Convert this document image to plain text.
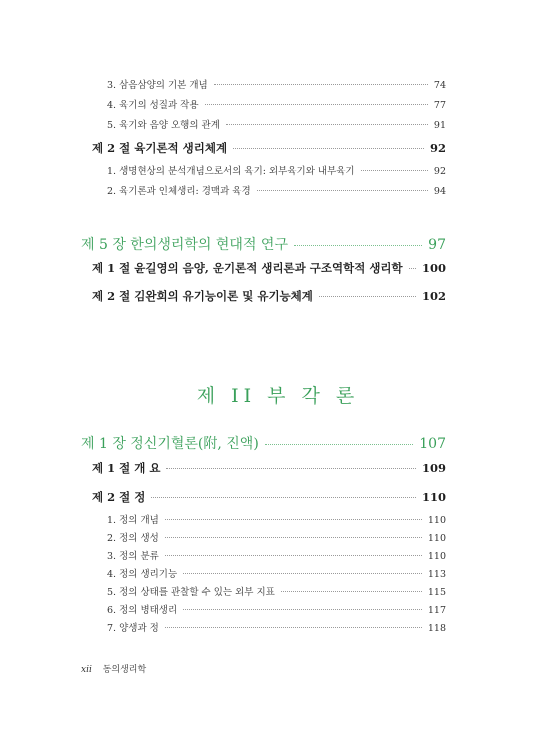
3. 삼음삼양의 기본 개념	74
4. 육기의 성질과 작용	77
5. 육기와 음양 오행의 관계	91
제 2 절 육기론적 생리체계	92
1. 생명현상의 분석개념으로서의 육기: 외부육기와 내부육기	92
2. 육기론과 인체생리: 경맥과 육경	94
제 5 장 한의생리학의 현대적 연구	97
제 1 절 윤길영의 음양, 운기론적 생리론과 구조역학적 생리학 100
제 2 절 김완희의 유기능이론 및 유기능체계	102
제 II 부 각 론
제 1 장 정신기혈론(附, 진액)	107
제 1 절 개 요	109
제 2 절 정	110
1. 정의 개념	110
2. 정의 생성	110
3. 정의 분류	110
4. 정의 생리기능	113
5. 정의 상태를 관찰할 수 있는 외부 지표	115
6. 정의 병태생리	117
7. 양생과 정	118
xii 동의생리학
